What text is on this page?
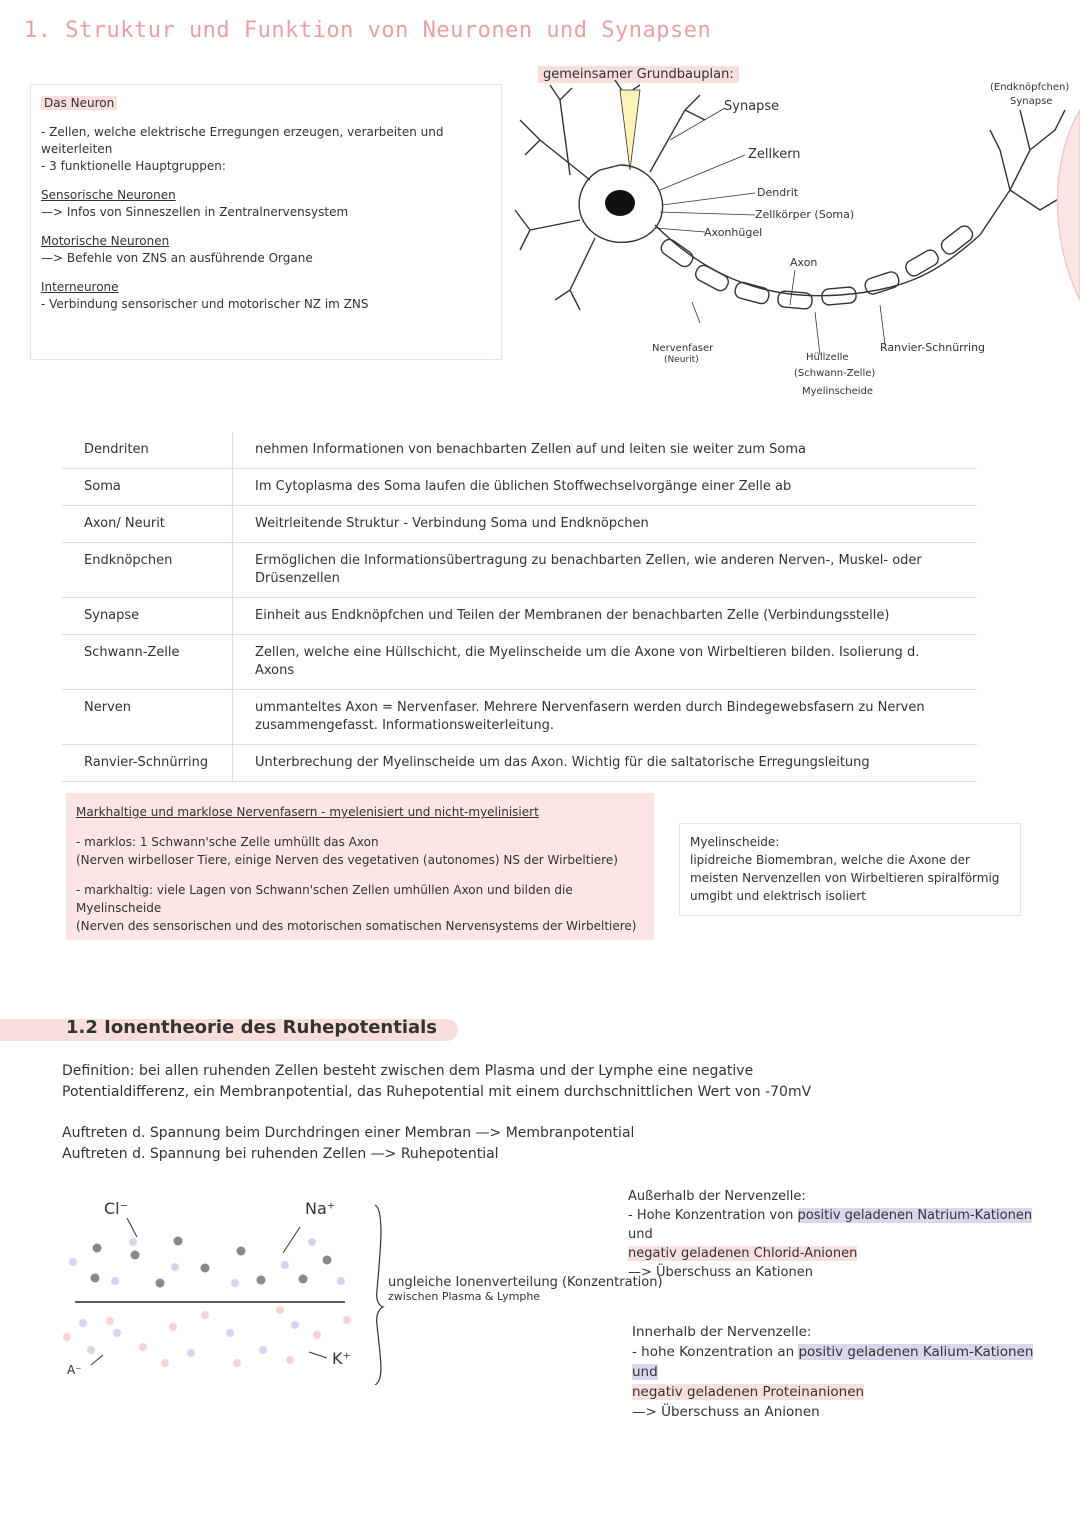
1. Struktur und Funktion von Neuronen und Synapsen

Das Neuron

- Zellen, welche elektrische Erregungen erzeugen, verarbeiten und weiterleiten

- 3 funktionelle Hauptgruppen:

Sensorische Neuronen

—> Infos von Sinneszellen in Zentralnervensystem

Motorische Neuronen

—> Befehle von ZNS an ausführende Organe

Interneurone

- Verbindung sensorischer und motorischer NZ im ZNS

gemeinsamer Grundbauplan:
Synapse
Zellkern
Dendrit
Zellkörper (Soma)
Axonhügel
Axon
(Endknöpfchen)
Synapse
Nervenfaser
(Neurit)	Hüllzelle
(Schwann-Zelle)
Myelinscheide
Ranvier-Schnürring
Dendriten	nehmen Informationen von benachbarten Zellen auf und leiten sie weiter zum Soma
Soma	Im Cytoplasma des Soma laufen die üblichen Stoffwechselvorgänge einer Zelle ab
Axon/ Neurit	Weitrleitende Struktur - Verbindung Soma und Endknöpchen
Endknöpchen	Ermöglichen die Informationsübertragung zu benachbarten Zellen, wie anderen Nerven-, Muskel- oder Drüsenzellen
Synapse	Einheit aus Endknöpfchen und Teilen der Membranen der benachbarten Zelle (Verbindungsstelle)
Schwann-Zelle	Zellen, welche eine Hüllschicht, die Myelinscheide um die Axone von Wirbeltieren bilden. Isolierung d. Axons
Nerven	ummanteltes Axon = Nervenfaser. Mehrere Nervenfasern werden durch Bindegewebsfasern zu Nerven zusammengefasst. Informationsweiterleitung.
Ranvier-Schnürring	Unterbrechung der Myelinscheide um das Axon. Wichtig für die saltatorische Erregungsleitung

Markhaltige und marklose Nervenfasern - myelenisiert und nicht-myelinisiert

- marklos: 1 Schwann'sche Zelle umhüllt das Axon

(Nerven wirbelloser Tiere, einige Nerven des vegetativen (autonomes) NS der Wirbeltiere)

- markhaltig: viele Lagen von Schwann'schen Zellen umhüllen Axon und bilden die Myelinscheide

(Nerven des sensorischen und des motorischen somatischen Nervensystems der Wirbeltiere)

Myelinscheide:
lipidreiche Biomembran, welche die Axone der meisten Nervenzellen von Wirbeltieren spiralförmig umgibt und elektrisch isoliert
1.2 Ionentheorie des Ruhepotentials
Definition: bei allen ruhenden Zellen besteht zwischen dem Plasma und der Lymphe eine negative
Potentialdifferenz, ein Membranpotential, das Ruhepotential mit einem durchschnittlichen Wert von -70mV
Auftreten d. Spannung beim Durchdringen einer Membran —> Membranpotential
Auftreten d. Spannung bei ruhenden Zellen —> Ruhepotential
Cl⁻	Na⁺
K⁺
A⁻
ungleiche Ionenverteilung (Konzentration)
zwischen Plasma & Lymphe
Außerhalb der Nervenzelle:
- Hohe Konzentration von positiv geladenen Natrium-Kationen und
negativ geladenen Chlorid-Anionen
—> Überschuss an Kationen
Innerhalb der Nervenzelle:
- hohe Konzentration an positiv geladenen Kalium-Kationen und
negativ geladenen Proteinanionen
—> Überschuss an Anionen
